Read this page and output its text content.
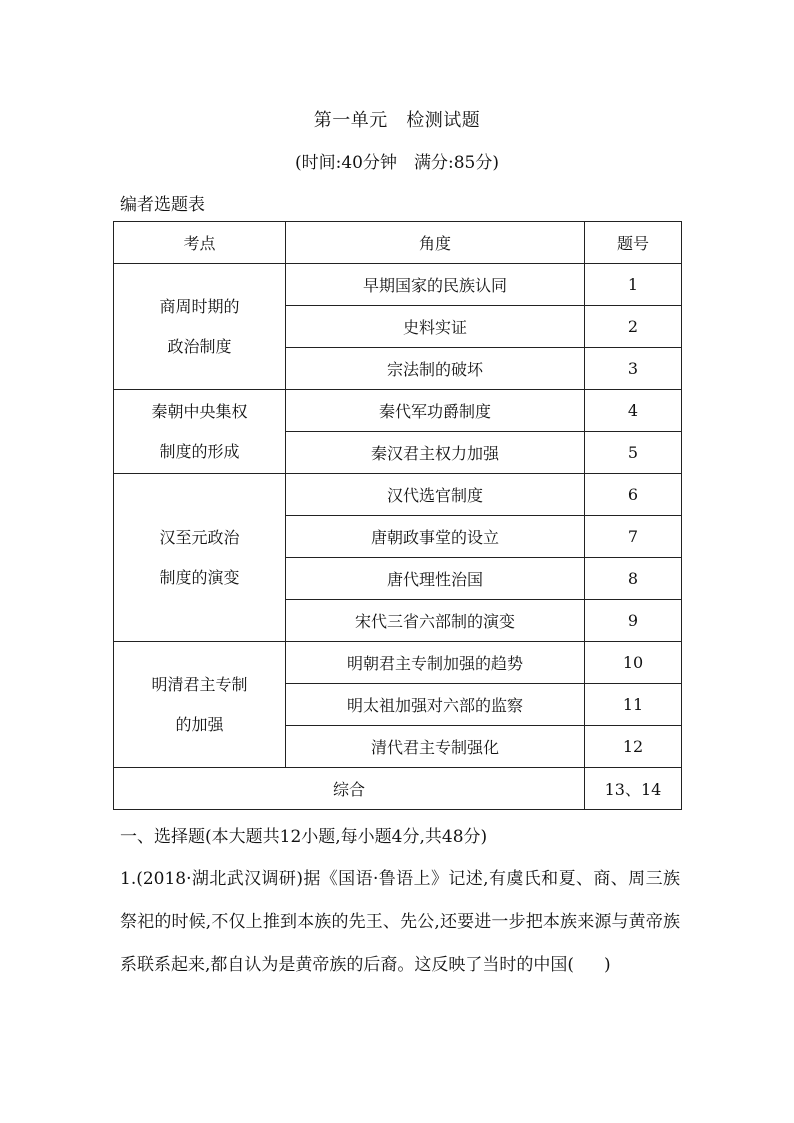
第一单元　检测试题
(时间:40分钟　满分:85分)
编者选题表
考点	角度	题号

商周时期的
政治制度	早期国家的民族认同	1
	史料实证	2
	宗法制的破坏	3

秦朝中央集权
制度的形成	秦代军功爵制度	4
	秦汉君主权力加强	5

汉至元政治
制度的演变	汉代选官制度	6
	唐朝政事堂的设立	7
	唐代理性治国	8
	宋代三省六部制的演变	9

明清君主专制
的加强	明朝君主专制加强的趋势	10
	明太祖加强对六部的监察	11
	清代君主专制强化	12
综合		13、14
一、选择题(本大题共12小题,每小题4分,共48分)
1.(2018·湖北武汉调研)据《国语·鲁语上》记述,有虞氏和夏、商、周三族祭祀的时候,不仅上推到本族的先王、先公,还要进一步把本族来源与黄帝族系联系起来,都自认为是黄帝族的后裔。这反映了当时的中国( )
